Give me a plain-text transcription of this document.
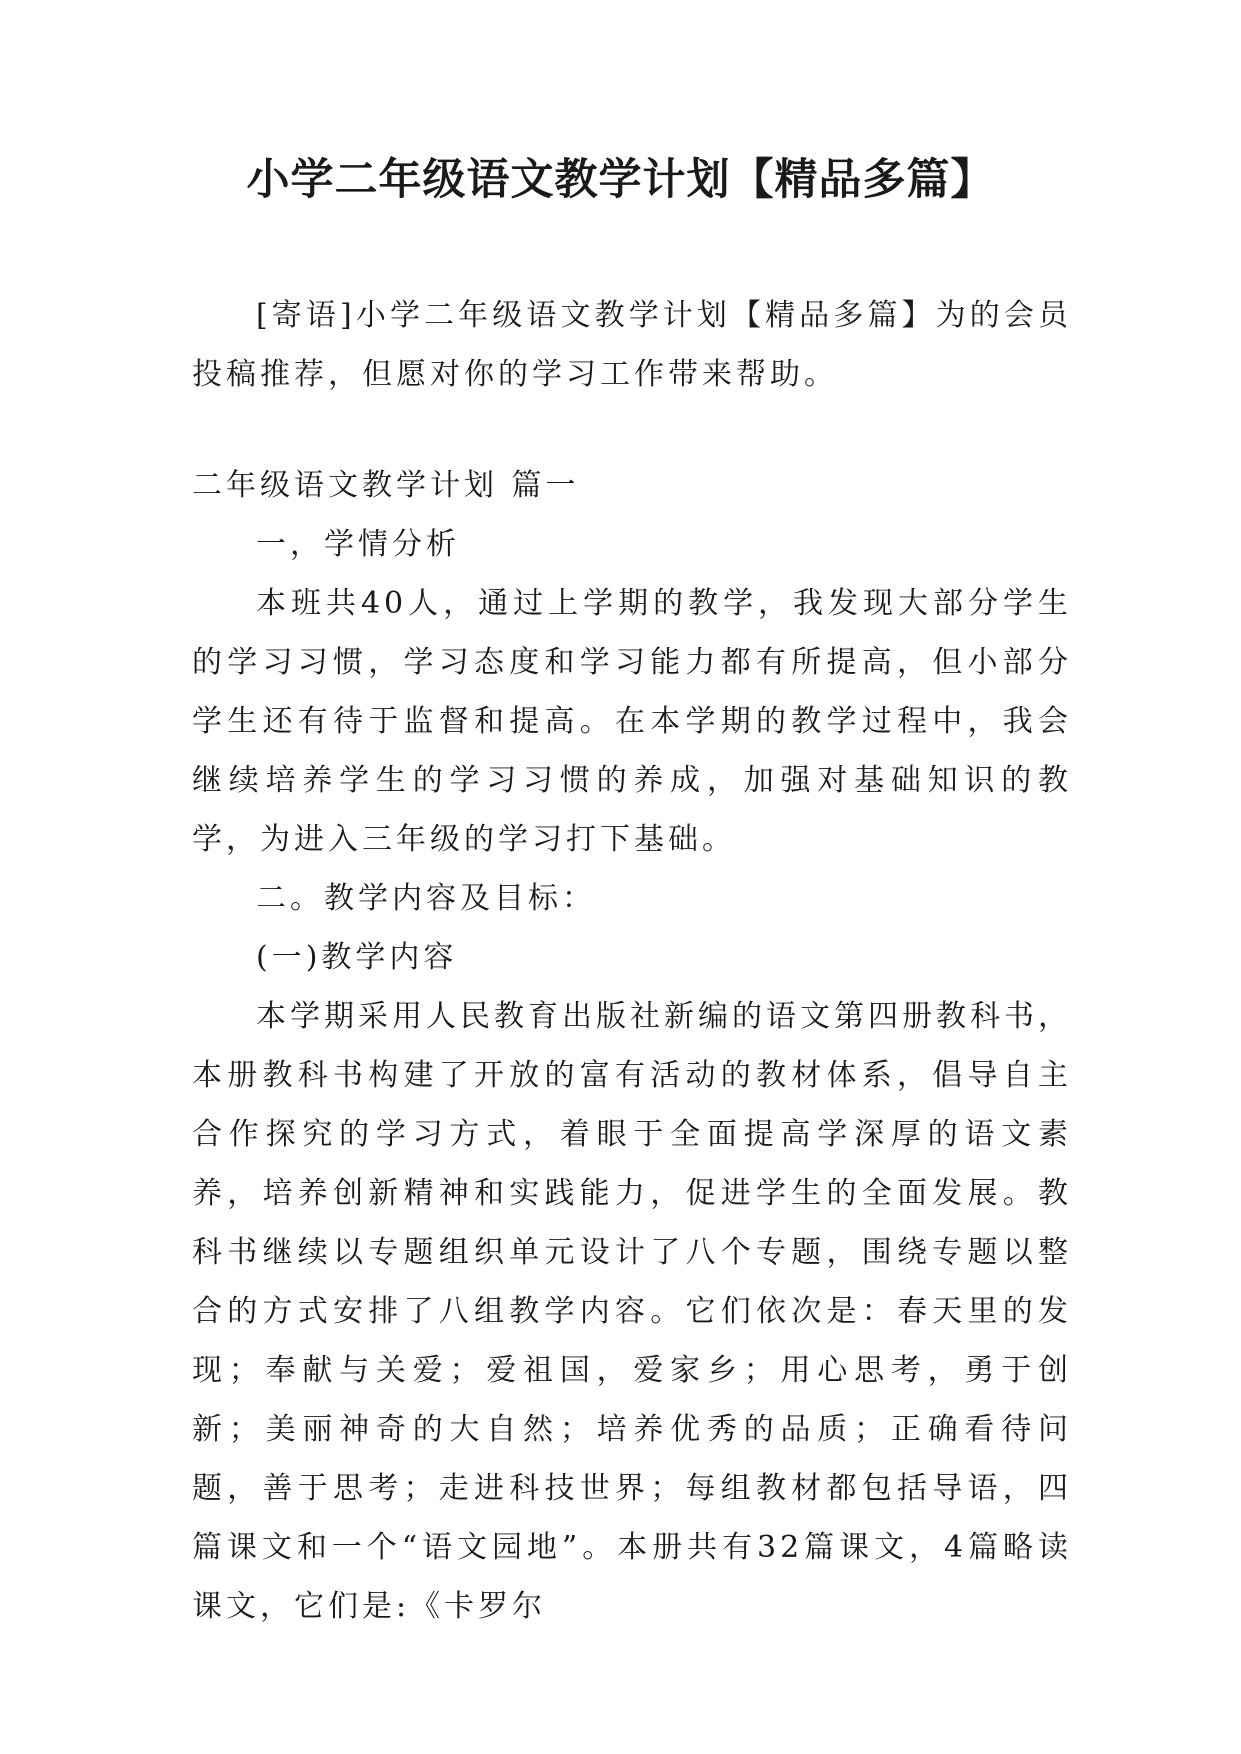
小学二年级语文教学计划【精品多篇】

[寄语]小学二年级语文教学计划【精品多篇】为的会员投稿推荐，但愿对你的学习工作带来帮助。

二年级语文教学计划 篇一

一，学情分析

本班共40人，通过上学期的教学，我发现大部分学生的学习习惯，学习态度和学习能力都有所提高，但小部分学生还有待于监督和提高。在本学期的教学过程中，我会继续培养学生的学习习惯的养成，加强对基础知识的教学，为进入三年级的学习打下基础。

二。教学内容及目标：

(一)教学内容

本学期采用人民教育出版社新编的语文第四册教科书，本册教科书构建了开放的富有活动的教材体系，倡导自主合作探究的学习方式，着眼于全面提高学深厚的语文素养，培养创新精神和实践能力，促进学生的全面发展。教科书继续以专题组织单元设计了八个专题，围绕专题以整合的方式安排了八组教学内容。它们依次是：春天里的发现；奉献与关爱；爱祖国，爱家乡；用心思考，勇于创新；美丽神奇的大自然；培养优秀的品质；正确看待问题，善于思考；走进科技世界；每组教材都包括导语，四篇课文和一个“语文园地”。本册共有32篇课文，4篇略读课文，它们是:《卡罗尔
